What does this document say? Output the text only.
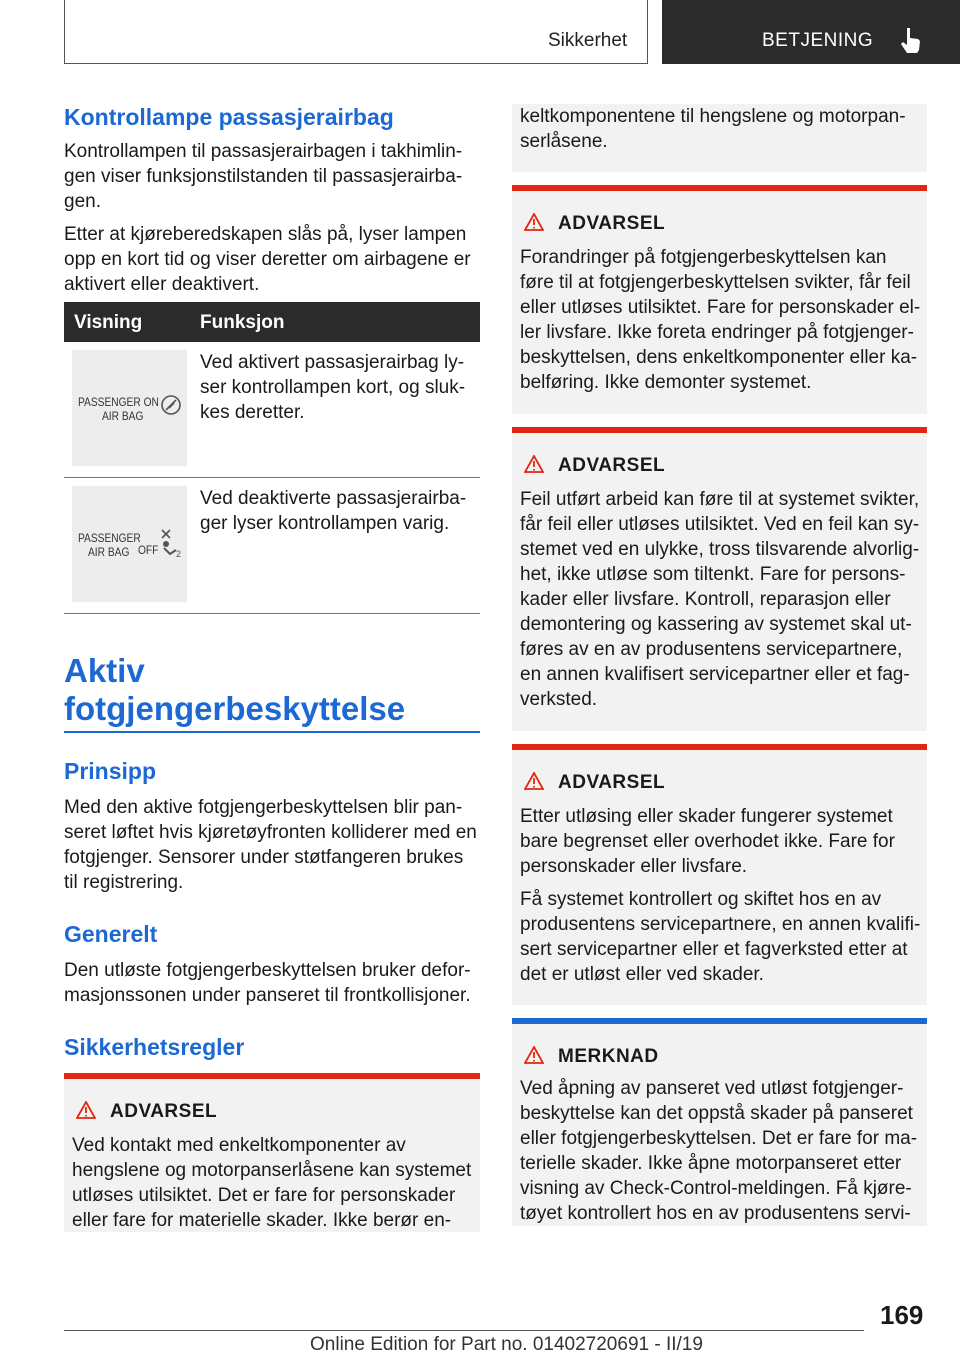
Sikkerhet	BETJENING
Kontrollampe passasjerairbag

Kontrollampen til passasjerairbagen i takhimlin-
gen viser funksjonstilstanden til passasjerairba-
gen.

Etter at kjøreberedskapen slås på, lyser lampen
opp en kort tid og viser deretter om airbagene er
aktivert eller deaktivert.

Visning	Funksjon
PASSENGER ON
AIR BAG

Ved aktivert passasjerairbag ly-
ser kontrollampen kort, og sluk-
kes deretter.

PASSENGER
AIR BAG OFF 2

Ved deaktiverte passasjerairba-
ger lyser kontrollampen varig.

Aktiv
fotgjengerbeskyttelse
Prinsipp

Med den aktive fotgjengerbeskyttelsen blir pan-
seret løftet hvis kjøretøyfronten kolliderer med en
fotgjenger. Sensorer under støtfangeren brukes
til registrering.

Generelt

Den utløste fotgjengerbeskyttelsen bruker defor-
masjonssonen under panseret til frontkollisjoner.

Sikkerhetsregler
ADVARSEL

Ved kontakt med enkeltkomponenter av
hengslene og motorpanserlåsene kan systemet
utløses utilsiktet. Det er fare for personskader
eller fare for materielle skader. Ikke berør en-

keltkomponentene til hengslene og motorpan-
serlåsene.

ADVARSEL

Forandringer på fotgjengerbeskyttelsen kan
føre til at fotgjengerbeskyttelsen svikter, får feil
eller utløses utilsiktet. Fare for personskader el-
ler livsfare. Ikke foreta endringer på fotgjenger-
beskyttelsen, dens enkeltkomponenter eller ka-
belføring. Ikke demonter systemet.

ADVARSEL

Feil utført arbeid kan føre til at systemet svikter,
får feil eller utløses utilsiktet. Ved en feil kan sy-
stemet ved en ulykke, tross tilsvarende alvorlig-
het, ikke utløse som tiltenkt. Fare for persons-
kader eller livsfare. Kontroll, reparasjon eller
demontering og kassering av systemet skal ut-
føres av en av produsentens servicepartnere,
en annen kvalifisert servicepartner eller et fag-
verksted.

ADVARSEL

Etter utløsing eller skader fungerer systemet
bare begrenset eller overhodet ikke. Fare for
personskader eller livsfare.

Få systemet kontrollert og skiftet hos en av
produsentens servicepartnere, en annen kvalifi-
sert servicepartner eller et fagverksted etter at
det er utløst eller ved skader.

MERKNAD

Ved åpning av panseret ved utløst fotgjenger-
beskyttelse kan det oppstå skader på panseret
eller fotgjengerbeskyttelsen. Det er fare for ma-
terielle skader. Ikke åpne motorpanseret etter
visning av Check-Control-meldingen. Få kjøre-
tøyet kontrollert hos en av produsentens servi-

169
Online Edition for Part no. 01402720691 - II/19
